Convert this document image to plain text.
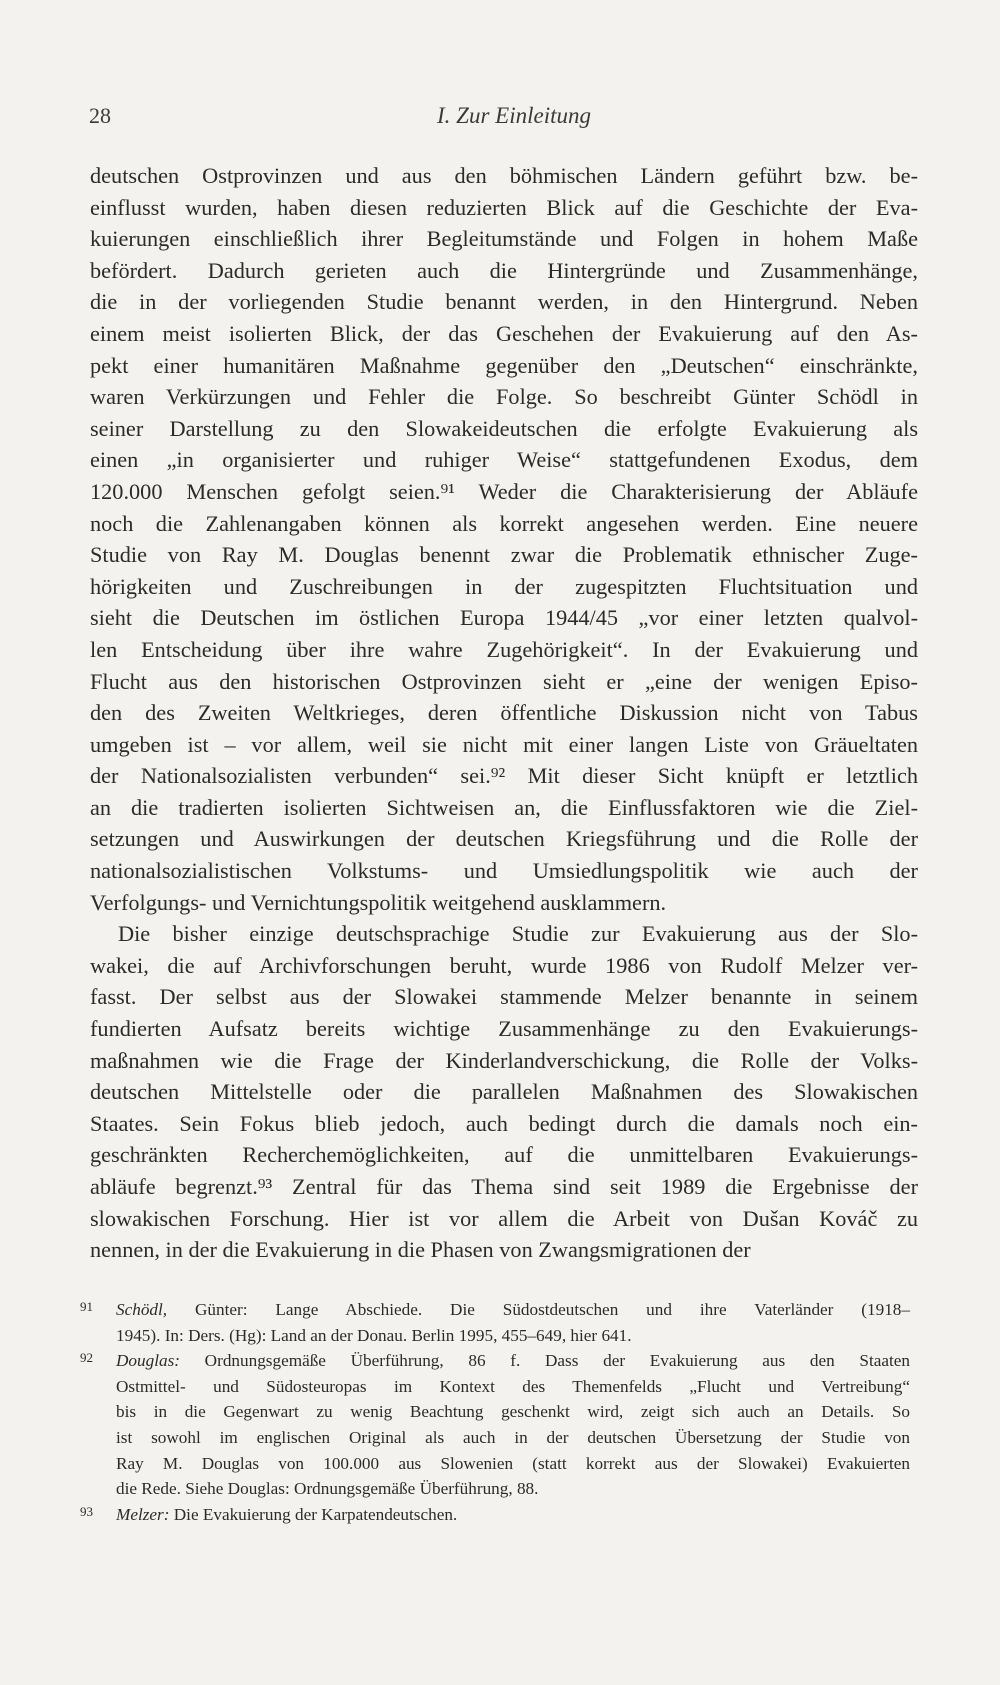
28	I. Zur Einleitung
deutschen Ostprovinzen und aus den böhmischen Ländern geführt bzw. be-
einflusst wurden, haben diesen reduzierten Blick auf die Geschichte der Eva-
kuierungen einschließlich ihrer Begleitumstände und Folgen in hohem Maße
befördert. Dadurch gerieten auch die Hintergründe und Zusammenhänge,
die in der vorliegenden Studie benannt werden, in den Hintergrund. Neben
einem meist isolierten Blick, der das Geschehen der Evakuierung auf den As-
pekt einer humanitären Maßnahme gegenüber den „Deutschen“ einschränkte,
waren Verkürzungen und Fehler die Folge. So beschreibt Günter Schödl in
seiner Darstellung zu den Slowakeideutschen die erfolgte Evakuierung als
einen „in organisierter und ruhiger Weise“ stattgefundenen Exodus, dem
120.000 Menschen gefolgt seien.⁹¹ Weder die Charakterisierung der Abläufe
noch die Zahlenangaben können als korrekt angesehen werden. Eine neuere
Studie von Ray M. Douglas benennt zwar die Problematik ethnischer Zuge-
hörigkeiten und Zuschreibungen in der zugespitzten Fluchtsituation und
sieht die Deutschen im östlichen Europa 1944/45 „vor einer letzten qualvol-
len Entscheidung über ihre wahre Zugehörigkeit“. In der Evakuierung und
Flucht aus den historischen Ostprovinzen sieht er „eine der wenigen Episo-
den des Zweiten Weltkrieges, deren öffentliche Diskussion nicht von Tabus
umgeben ist – vor allem, weil sie nicht mit einer langen Liste von Gräueltaten
der Nationalsozialisten verbunden“ sei.⁹² Mit dieser Sicht knüpft er letztlich
an die tradierten isolierten Sichtweisen an, die Einflussfaktoren wie die Ziel-
setzungen und Auswirkungen der deutschen Kriegsführung und die Rolle der
nationalsozialistischen Volkstums- und Umsiedlungspolitik wie auch der
Verfolgungs- und Vernichtungspolitik weitgehend ausklammern.
Die bisher einzige deutschsprachige Studie zur Evakuierung aus der Slo-
wakei, die auf Archivforschungen beruht, wurde 1986 von Rudolf Melzer ver-
fasst. Der selbst aus der Slowakei stammende Melzer benannte in seinem
fundierten Aufsatz bereits wichtige Zusammenhänge zu den Evakuierungs-
maßnahmen wie die Frage der Kinderlandverschickung, die Rolle der Volks-
deutschen Mittelstelle oder die parallelen Maßnahmen des Slowakischen
Staates. Sein Fokus blieb jedoch, auch bedingt durch die damals noch ein-
geschränkten Recherchemöglichkeiten, auf die unmittelbaren Evakuierungs-
abläufe begrenzt.⁹³ Zentral für das Thema sind seit 1989 die Ergebnisse der
slowakischen Forschung. Hier ist vor allem die Arbeit von Dušan Kováč zu
nennen, in der die Evakuierung in die Phasen von Zwangsmigrationen der
91 Schödl, Günter: Lange Abschiede. Die Südostdeutschen und ihre Vaterländer (1918–
1945). In: Ders. (Hg): Land an der Donau. Berlin 1995, 455–649, hier 641.
92 Douglas: Ordnungsgemäße Überführung, 86 f. Dass der Evakuierung aus den Staaten
Ostmittel- und Südosteuropas im Kontext des Themenfelds „Flucht und Vertreibung“
bis in die Gegenwart zu wenig Beachtung geschenkt wird, zeigt sich auch an Details. So
ist sowohl im englischen Original als auch in der deutschen Übersetzung der Studie von
Ray M. Douglas von 100.000 aus Slowenien (statt korrekt aus der Slowakei) Evakuierten
die Rede. Siehe Douglas: Ordnungsgemäße Überführung, 88.
93 Melzer: Die Evakuierung der Karpatendeutschen.
